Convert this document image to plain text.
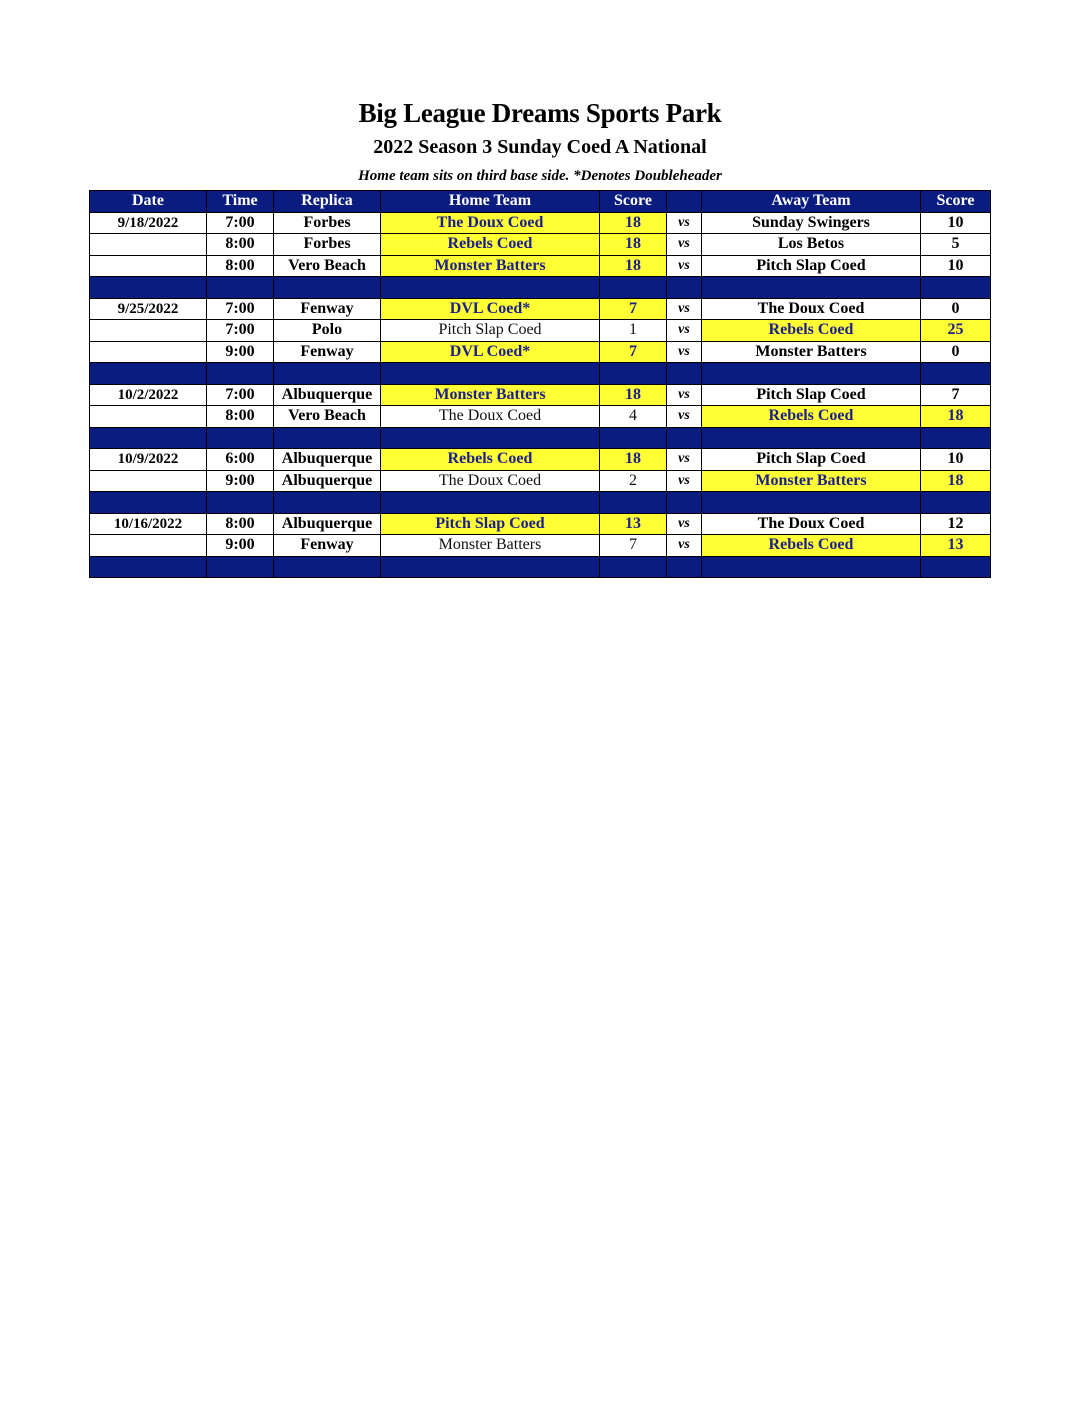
Big League Dreams Sports Park
2022 Season 3 Sunday Coed A National
Home team sits on third base side. *Denotes Doubleheader
Date	Time	Replica	Home Team	Score		Away Team	Score
9/18/2022	7:00	Forbes	The Doux Coed	18	vs	Sunday Swingers	10
	8:00	Forbes	Rebels Coed	18	vs	Los Betos	5
	8:00	Vero Beach	Monster Batters	18	vs	Pitch Slap Coed	10

9/25/2022	7:00	Fenway	DVL Coed*	7	vs	The Doux Coed	0
	7:00	Polo	Pitch Slap Coed	1	vs	Rebels Coed	25
	9:00	Fenway	DVL Coed*	7	vs	Monster Batters	0

10/2/2022	7:00	Albuquerque	Monster Batters	18	vs	Pitch Slap Coed	7
	8:00	Vero Beach	The Doux Coed	4	vs	Rebels Coed	18

10/9/2022	6:00	Albuquerque	Rebels Coed	18	vs	Pitch Slap Coed	10
	9:00	Albuquerque	The Doux Coed	2	vs	Monster Batters	18

10/16/2022	8:00	Albuquerque	Pitch Slap Coed	13	vs	The Doux Coed	12
	9:00	Fenway	Monster Batters	7	vs	Rebels Coed	13
